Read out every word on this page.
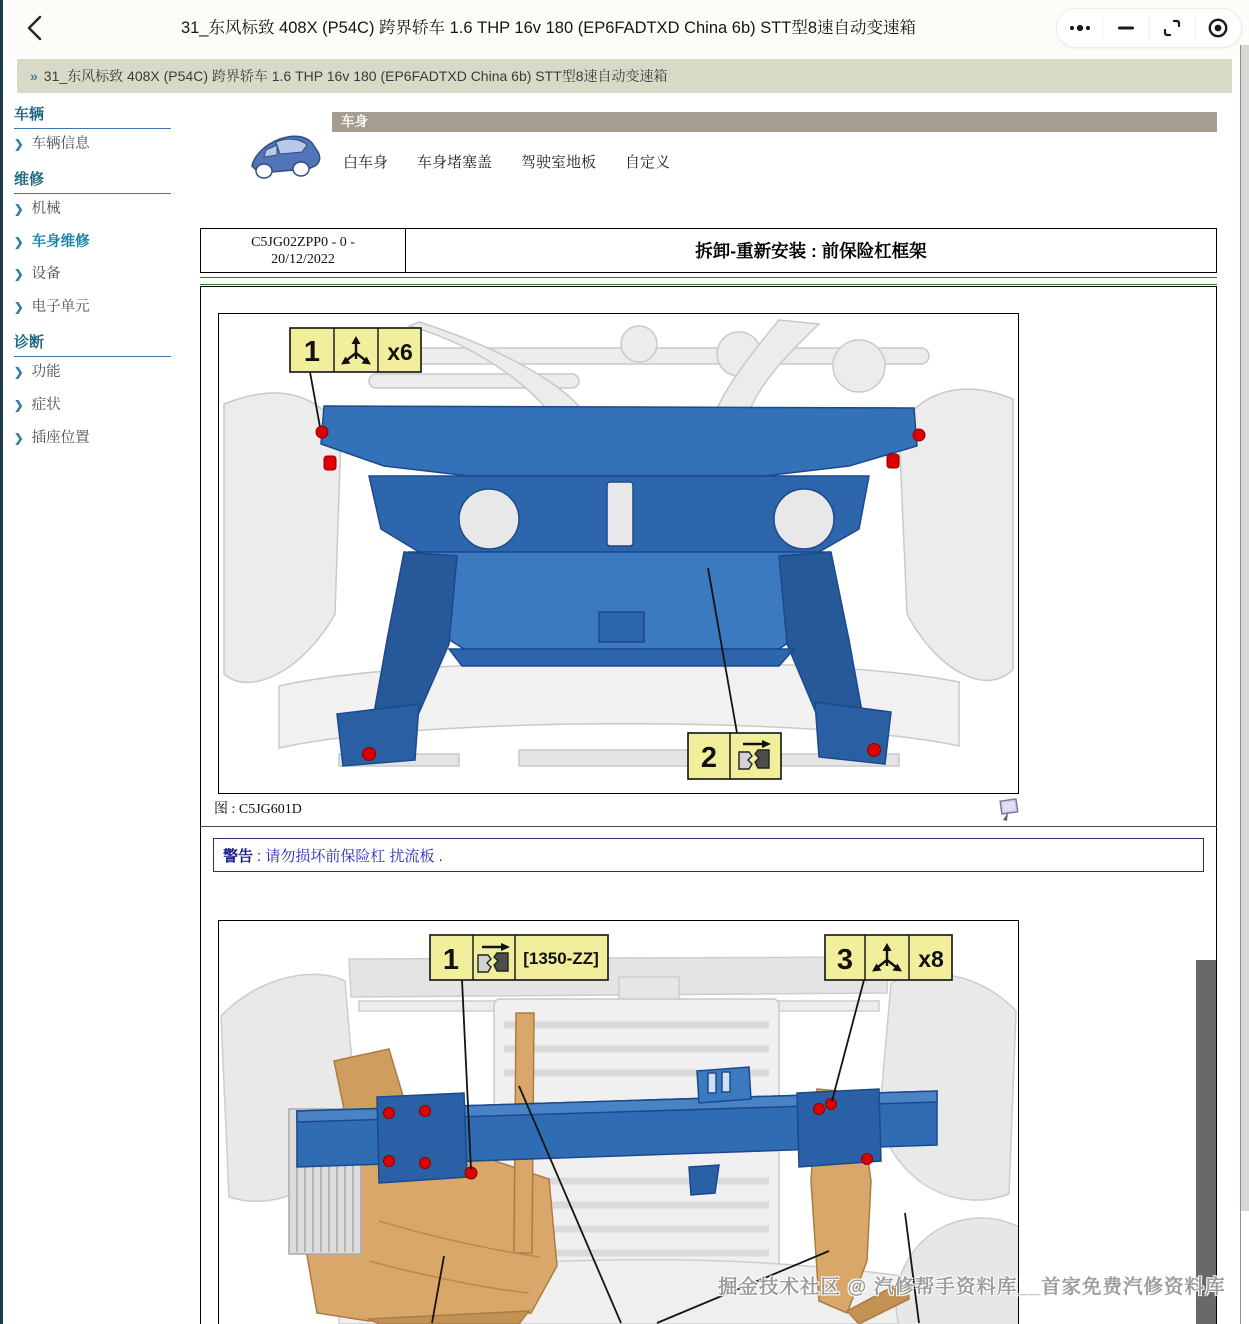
31_东风标致 408X (P54C) 跨界轿车 1.6 THP 16v 180 (EP6FADTXD China 6b) STT型8速自动变速箱
» 31_东风标致 408X (P54C) 跨界轿车 1.6 THP 16v 180 (EP6FADTXD China 6b) STT型8速自动变速箱
车辆
❯ 车辆信息
维修
❯ 机械
❯ 车身维修
❯ 设备
❯ 电子单元
诊断
❯ 功能
❯ 症状
❯ 插座位置
车身
白车身 车身堵塞盖 驾驶室地板 自定义
C5JG02ZPP0 - 0 -
20/12/2022	拆卸-重新安装 : 前保险杠框架
1	x6
2
图 : C5JG601D
警告 : 请勿损坏前保险杠 扰流板 .
1	[1350-ZZ]	3	x8
掘金技术社区 @ 汽修帮手资料库__首家免费汽修资料库
